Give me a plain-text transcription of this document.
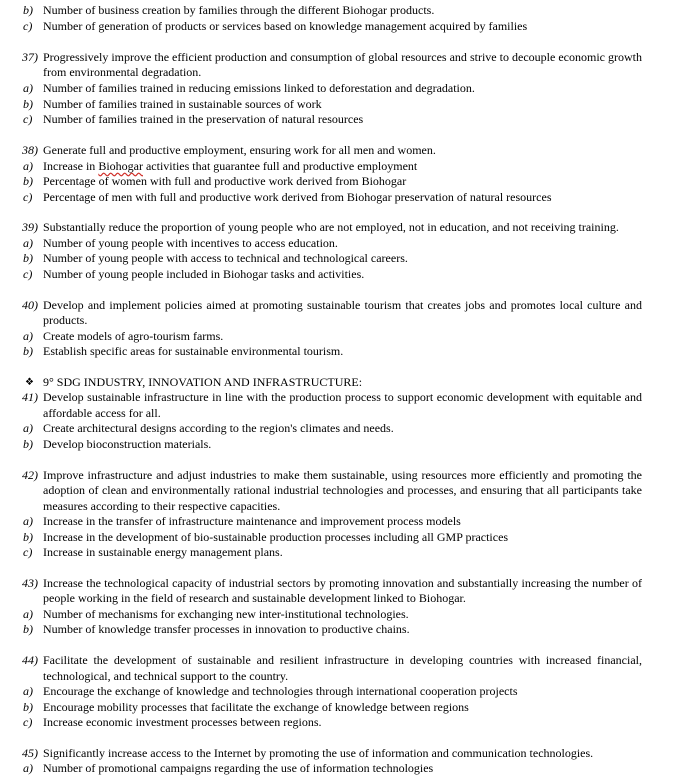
b) Number of business creation by families through the different Biohogar products.
c) Number of generation of products or services based on knowledge management acquired by families
37) Progressively improve the efficient production and consumption of global resources and strive to decouple economic growth
from environmental degradation.
a) Number of families trained in reducing emissions linked to deforestation and degradation.
b) Number of families trained in sustainable sources of work
c) Number of families trained in the preservation of natural resources
38) Generate full and productive employment, ensuring work for all men and women.
a) Increase in Biohogar activities that guarantee full and productive employment
b) Percentage of women with full and productive work derived from Biohogar
c) Percentage of men with full and productive work derived from Biohogar preservation of natural resources
39) Substantially reduce the proportion of young people who are not employed, not in education, and not receiving training.
a) Number of young people with incentives to access education.
b) Number of young people with access to technical and technological careers.
c) Number of young people included in Biohogar tasks and activities.
40) Develop and implement policies aimed at promoting sustainable tourism that creates jobs and promotes local culture and
products.
a) Create models of agro-tourism farms.
b) Establish specific areas for sustainable environmental tourism.
❖ 9° SDG INDUSTRY, INNOVATION AND INFRASTRUCTURE:
41) Develop sustainable infrastructure in line with the production process to support economic development with equitable and
affordable access for all.
a) Create architectural designs according to the region's climates and needs.
b) Develop bioconstruction materials.
42) Improve infrastructure and adjust industries to make them sustainable, using resources more efficiently and promoting the
adoption of clean and environmentally rational industrial technologies and processes, and ensuring that all participants take
measures according to their respective capacities.
a) Increase in the transfer of infrastructure maintenance and improvement process models
b) Increase in the development of bio-sustainable production processes including all GMP practices
c) Increase in sustainable energy management plans.
43) Increase the technological capacity of industrial sectors by promoting innovation and substantially increasing the number of
people working in the field of research and sustainable development linked to Biohogar.
a) Number of mechanisms for exchanging new inter-institutional technologies.
b) Number of knowledge transfer processes in innovation to productive chains.
44) Facilitate the development of sustainable and resilient infrastructure in developing countries with increased financial,
technological, and technical support to the country.
a) Encourage the exchange of knowledge and technologies through international cooperation projects
b) Encourage mobility processes that facilitate the exchange of knowledge between regions
c) Increase economic investment processes between regions.
45) Significantly increase access to the Internet by promoting the use of information and communication technologies.
a) Number of promotional campaigns regarding the use of information technologies
